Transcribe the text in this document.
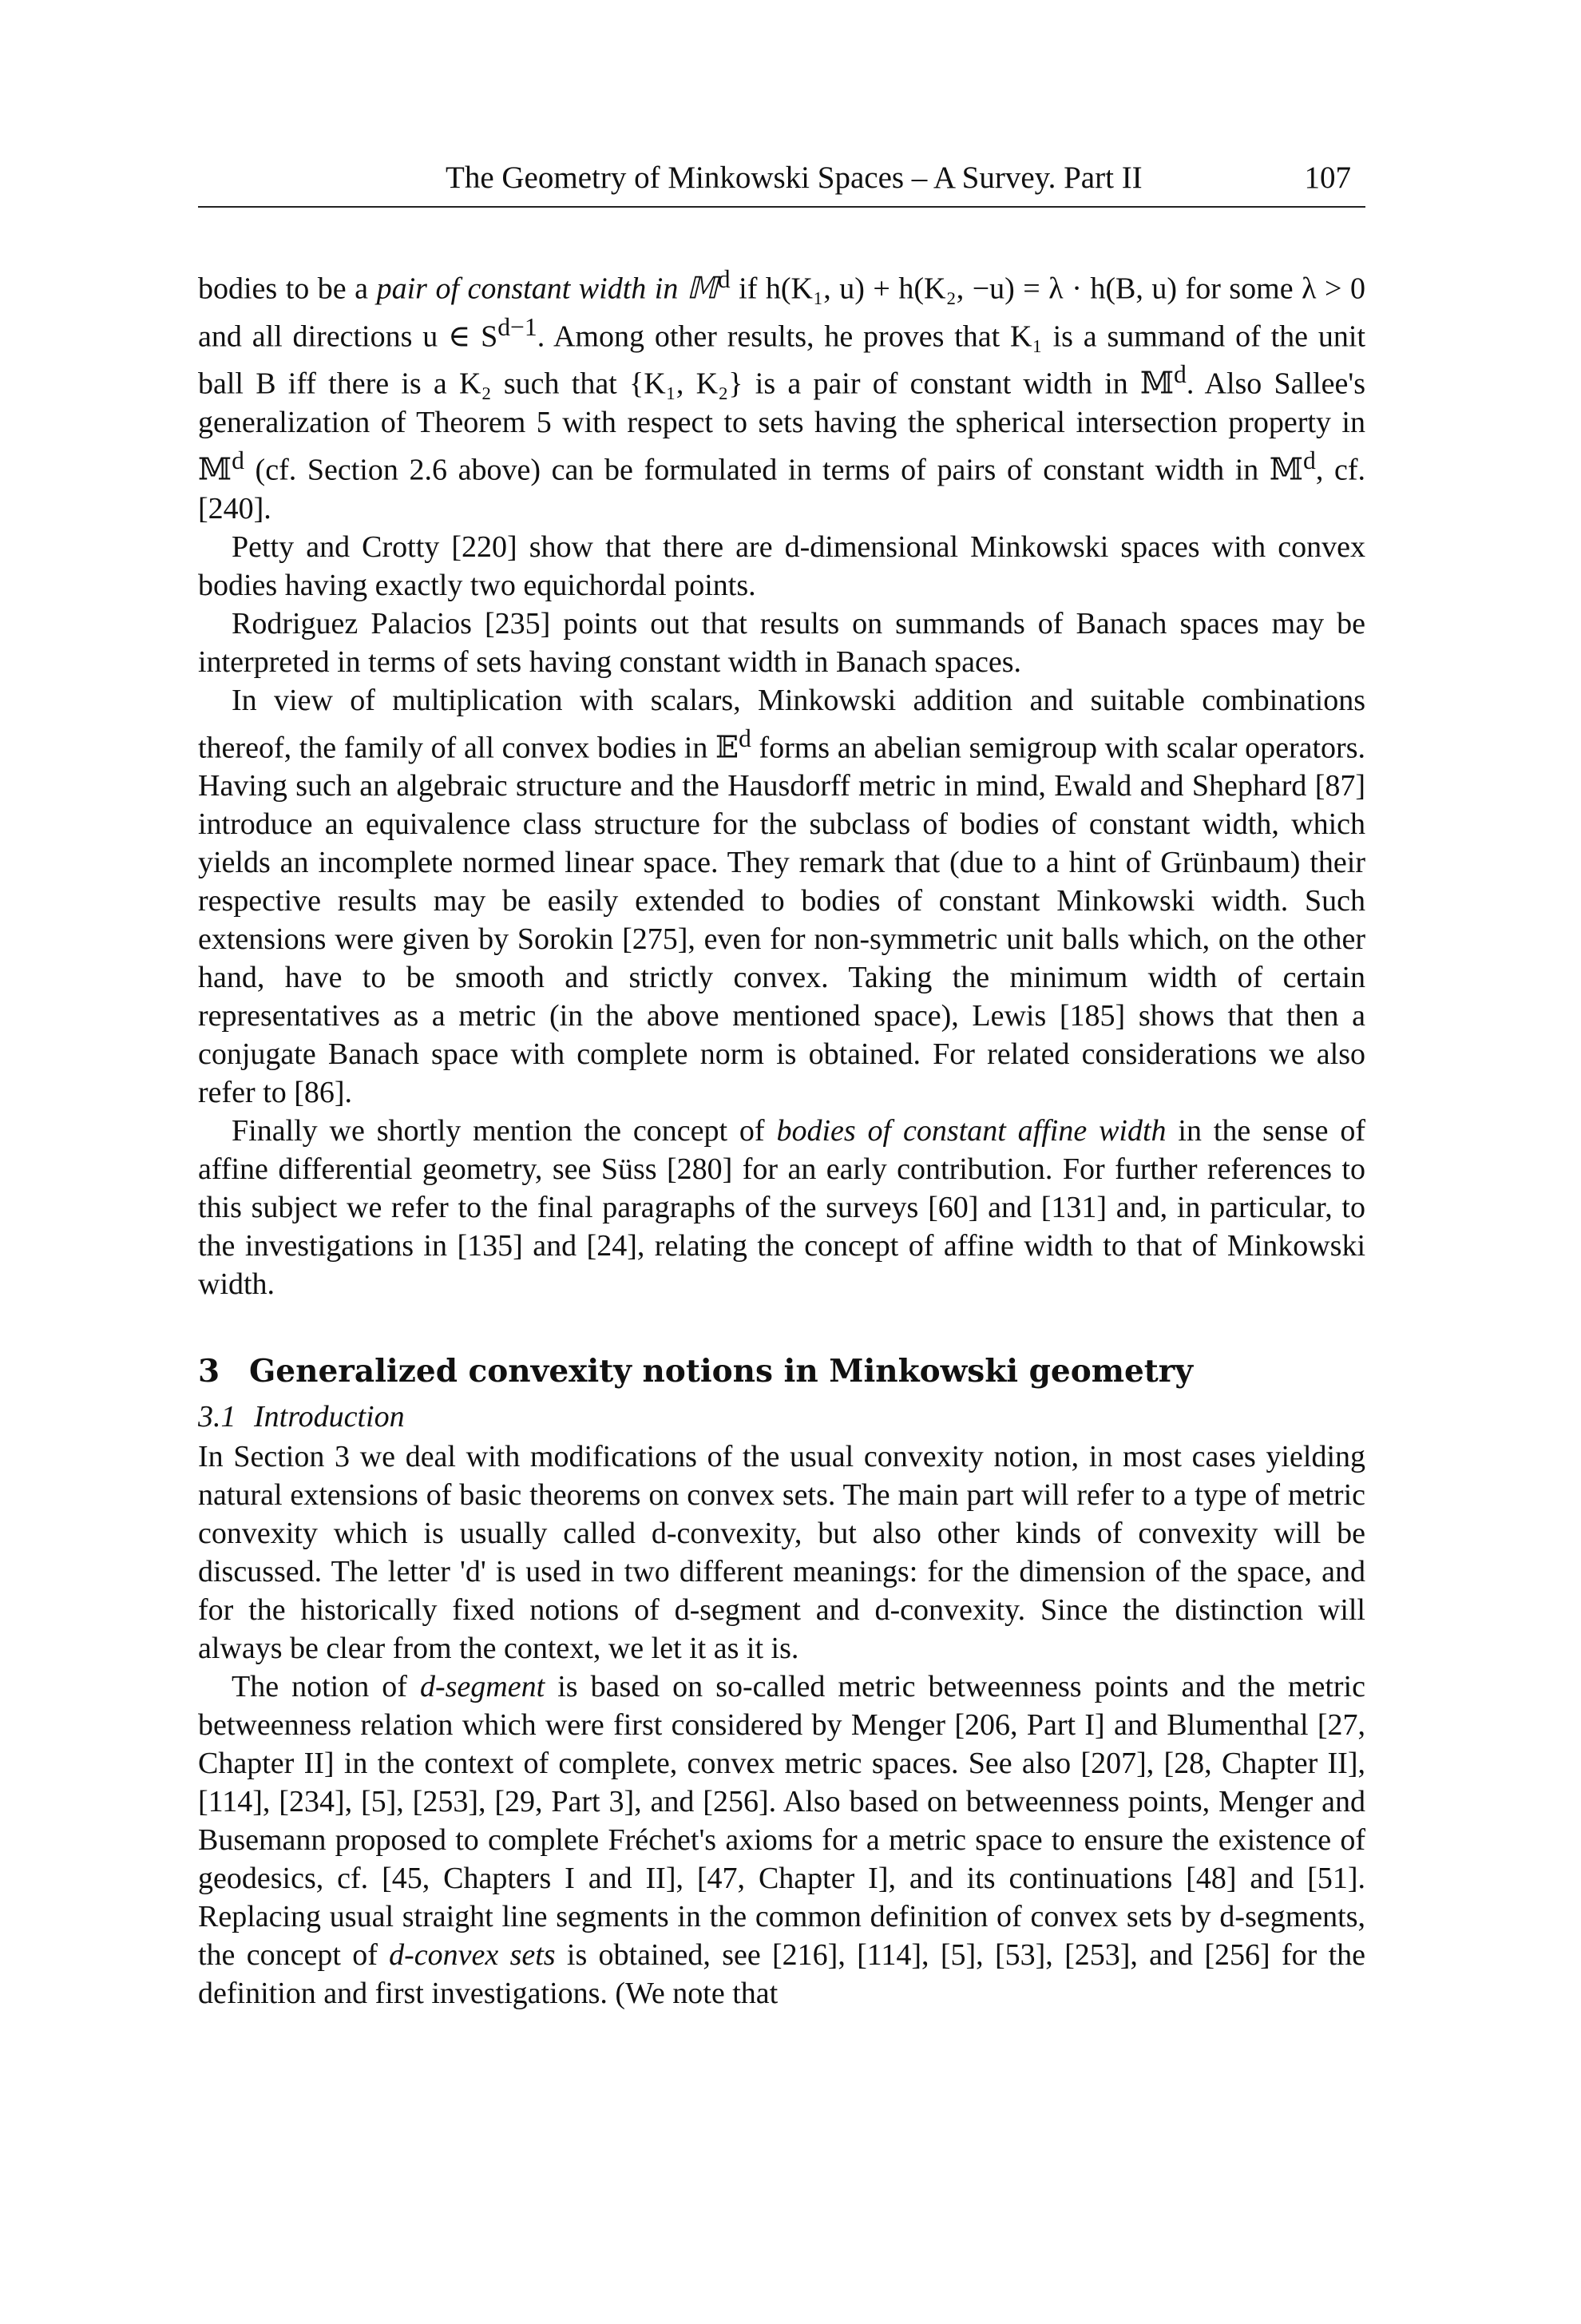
The Geometry of Minkowski Spaces – A Survey. Part II	107

bodies to be a pair of constant width in 𝕄$^d$ if h(K₁, u) + h(K₂, −u) = λ · h(B, u) for some λ > 0 and all directions u ∈ $S^{d-1}$. Among other results, he proves that K₁ is a summand of the unit ball B iff there is a K₂ such that {K₁, K₂} is a pair of constant width in 𝕄$^d$. Also Sallee's generalization of Theorem 5 with respect to sets having the spherical intersection property in 𝕄$^d$ (cf. Section 2.6 above) can be formulated in terms of pairs of constant width in 𝕄$^d$, cf. [240].

Petty and Crotty [220] show that there are d-dimensional Minkowski spaces with convex bodies having exactly two equichordal points.

Rodriguez Palacios [235] points out that results on summands of Banach spaces may be interpreted in terms of sets having constant width in Banach spaces.

In view of multiplication with scalars, Minkowski addition and suitable combinations thereof, the family of all convex bodies in 𝔼$^d$ forms an abelian semigroup with scalar operators. Having such an algebraic structure and the Hausdorff metric in mind, Ewald and Shephard [87] introduce an equivalence class structure for the subclass of bodies of constant width, which yields an incomplete normed linear space. They remark that (due to a hint of Grünbaum) their respective results may be easily extended to bodies of constant Minkowski width. Such extensions were given by Sorokin [275], even for non-symmetric unit balls which, on the other hand, have to be smooth and strictly convex. Taking the minimum width of certain representatives as a metric (in the above mentioned space), Lewis [185] shows that then a conjugate Banach space with complete norm is obtained. For related considerations we also refer to [86].

Finally we shortly mention the concept of bodies of constant affine width in the sense of affine differential geometry, see Süss [280] for an early contribution. For further references to this subject we refer to the final paragraphs of the surveys [60] and [131] and, in particular, to the investigations in [135] and [24], relating the concept of affine width to that of Minkowski width.

3 Generalized convexity notions in Minkowski geometry
3.1 Introduction

In Section 3 we deal with modifications of the usual convexity notion, in most cases yielding natural extensions of basic theorems on convex sets. The main part will refer to a type of metric convexity which is usually called d-convexity, but also other kinds of convexity will be discussed. The letter 'd' is used in two different meanings: for the dimension of the space, and for the historically fixed notions of d-segment and d-convexity. Since the distinction will always be clear from the context, we let it as it is.

The notion of d-segment is based on so-called metric betweenness points and the metric betweenness relation which were first considered by Menger [206, Part I] and Blumenthal [27, Chapter II] in the context of complete, convex metric spaces. See also [207], [28, Chapter II], [114], [234], [5], [253], [29, Part 3], and [256]. Also based on betweenness points, Menger and Busemann proposed to complete Fréchet's axioms for a metric space to ensure the existence of geodesics, cf. [45, Chapters I and II], [47, Chapter I], and its continuations [48] and [51]. Replacing usual straight line segments in the common definition of convex sets by d-segments, the concept of d-convex sets is obtained, see [216], [114], [5], [53], [253], and [256] for the definition and first investigations. (We note that
